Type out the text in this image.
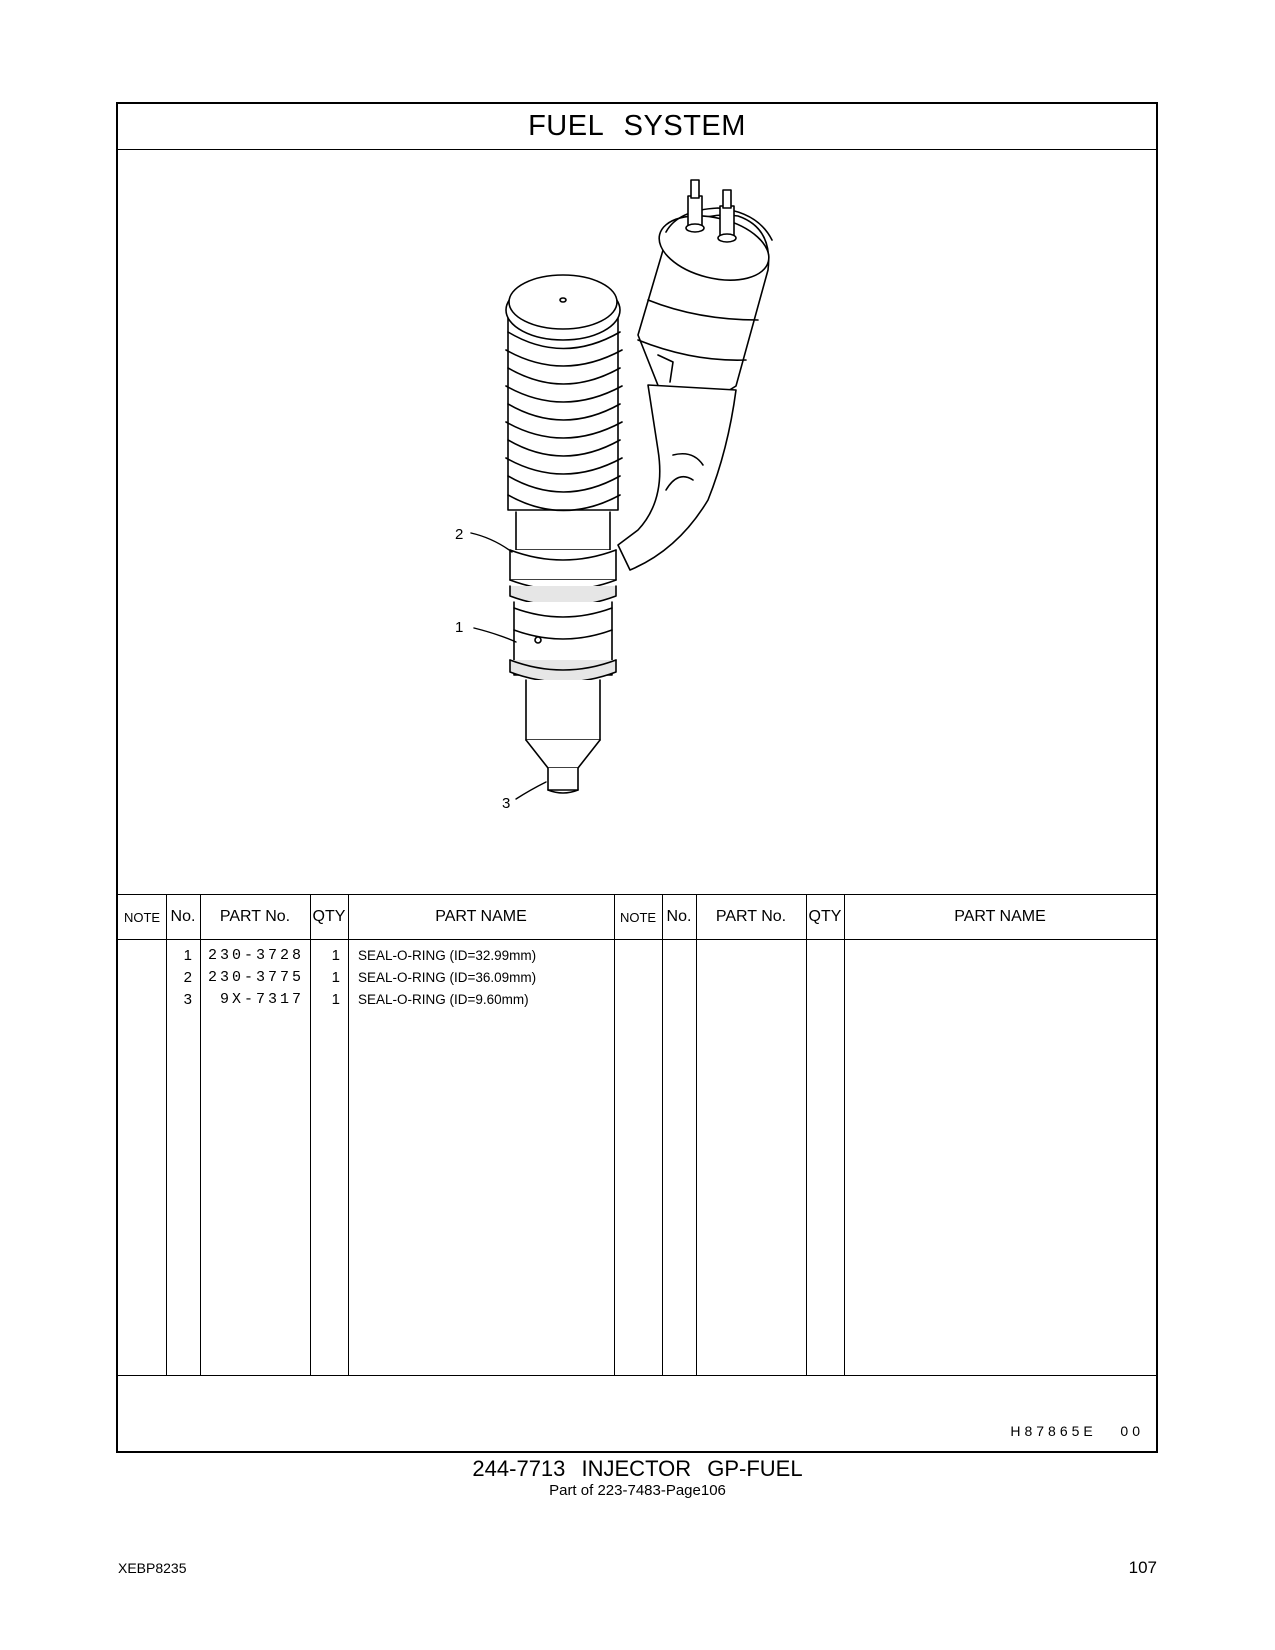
FUEL SYSTEM
2
1
3
NOTE No.	PART No.	QTY	PART NAME	NOTE No.	PART No.	QTY	PART NAME
1	230-3728	1 SEAL-O-RING (ID=32.99mm)
2	230-3775	1 SEAL-O-RING (ID=36.09mm)
3	9X-7317	1 SEAL-O-RING (ID=9.60mm)
H87865E   00
244-7713 INJECTOR GP-FUEL
Part of 223-7483-Page106
XEBP8235	107
